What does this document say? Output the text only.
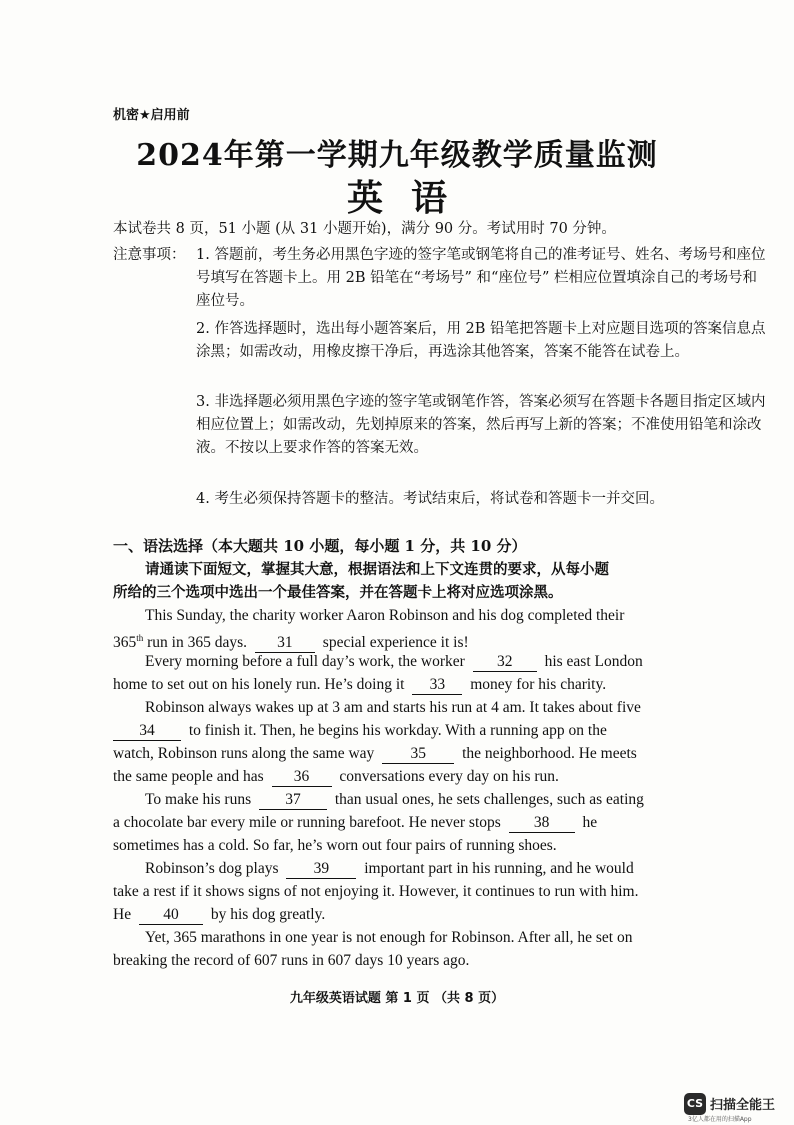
机密★启用前
2024年第一学期九年级教学质量监测
英语
本试卷共 8 页，51 小题 (从 31 小题开始)，满分 90 分。考试用时 70 分钟。
注意事项： 1. 答题前，考生务必用黑色字迹的签字笔或钢笔将自己的准考证号、姓名、考场号和座位号填写在答题卡上。用 2B 铅笔在“考场号” 和“座位号” 栏相应位置填涂自己的考场号和座位号。
2. 作答选择题时，选出每小题答案后，用 2B 铅笔把答题卡上对应题目选项的答案信息点涂黑；如需改动，用橡皮擦干净后，再选涂其他答案，答案不能答在试卷上。
3. 非选择题必须用黑色字迹的签字笔或钢笔作答，答案必须写在答题卡各题目指定区域内相应位置上；如需改动，先划掉原来的答案，然后再写上新的答案；不准使用铅笔和涂改液。不按以上要求作答的答案无效。
4. 考生必须保持答题卡的整洁。考试结束后，将试卷和答题卡一并交回。
一、语法选择（本大题共 10 小题，每小题 1 分，共 10 分）
请通读下面短文，掌握其大意，根据语法和上下文连贯的要求，从每小题
所给的三个选项中选出一个最佳答案，并在答题卡上将对应选项涂黑。
This Sunday, the charity worker Aaron Robinson and his dog completed their
365th run in 365 days. 31 special experience it is!
Every morning before a full day’s work, the worker 32 his east London
home to set out on his lonely run. He’s doing it 33 money for his charity.
Robinson always wakes up at 3 am and starts his run at 4 am. It takes about five
34 to finish it. Then, he begins his workday. With a running app on the
watch, Robinson runs along the same way 35 the neighborhood. He meets
the same people and has 36 conversations every day on his run.
To make his runs 37 than usual ones, he sets challenges, such as eating
a chocolate bar every mile or running barefoot. He never stops 38 he
sometimes has a cold. So far, he’s worn out four pairs of running shoes.
Robinson’s dog plays 39 important part in his running, and he would
take a rest if it shows signs of not enjoying it. However, it continues to run with him.
He 40 by his dog greatly.
Yet, 365 marathons in one year is not enough for Robinson. After all, he set on
breaking the record of 607 runs in 607 days 10 years ago.
九年级英语试题 第 1 页 （共 8 页）
CS 扫描全能王
3亿人都在用的扫描App
